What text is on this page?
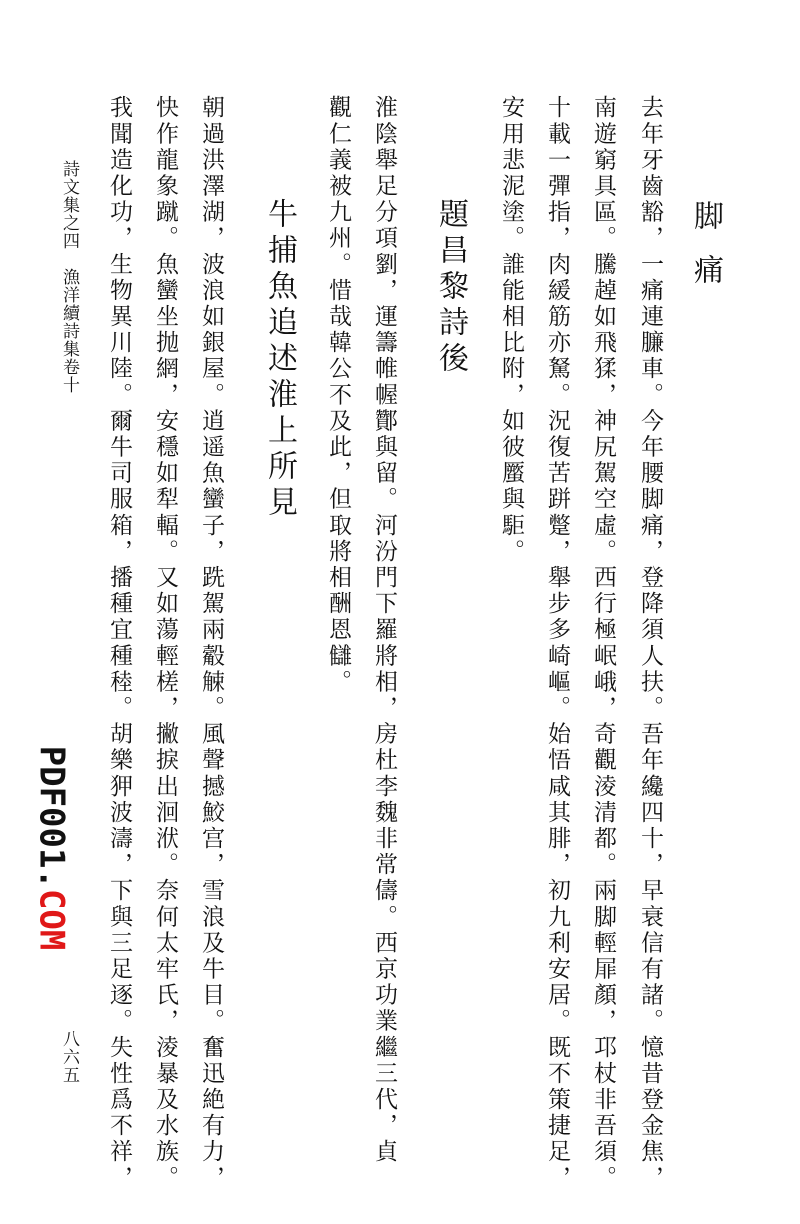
脚痛

去年牙齒豁，一痛連臁車。今年腰脚痛，登降須人扶。吾年纔四十，早衰信有諸。憶昔登金焦，

南遊窮具區。騰趠如飛猱，神尻駕空虛。西行極岷峨，奇觀淩清都。兩脚輕屝顏，邛杖非吾須。

十載一彈指，肉緩筋亦駑。況復苦跰蹩，舉步多崎嶇。始悟咸其腓，初九利安居。既不策捷足，

安用悲泥塗。誰能相比附，如彼蟨與駏。

題昌黎詩後

淮陰舉足分項劉，運籌帷幄酇與留。河汾門下羅將相，房杜李魏非常儔。西京功業繼三代，貞

觀仁義被九州。惜哉韓公不及此，但取將相酬恩讎。

牛捕魚追述淮上所見

朝過洪澤湖，波浪如銀屋。逍遥魚蠻子，跣駕兩觳觫。風聲撼鮫宫，雪浪及牛目。奮迅絶有力，

快作龍象蹴。魚蠻坐抛網，安穩如犁輻。又如蕩輕槎，撇捩出洄洑。奈何太牢氏，淩暴及水族。

我聞造化功，生物異川陸。爾牛司服箱，播種宜種稑。胡樂狎波濤，下與三足逐。失性爲不祥，

詩文集之四　漁洋續詩集卷十
八六五
PDF001.COM
